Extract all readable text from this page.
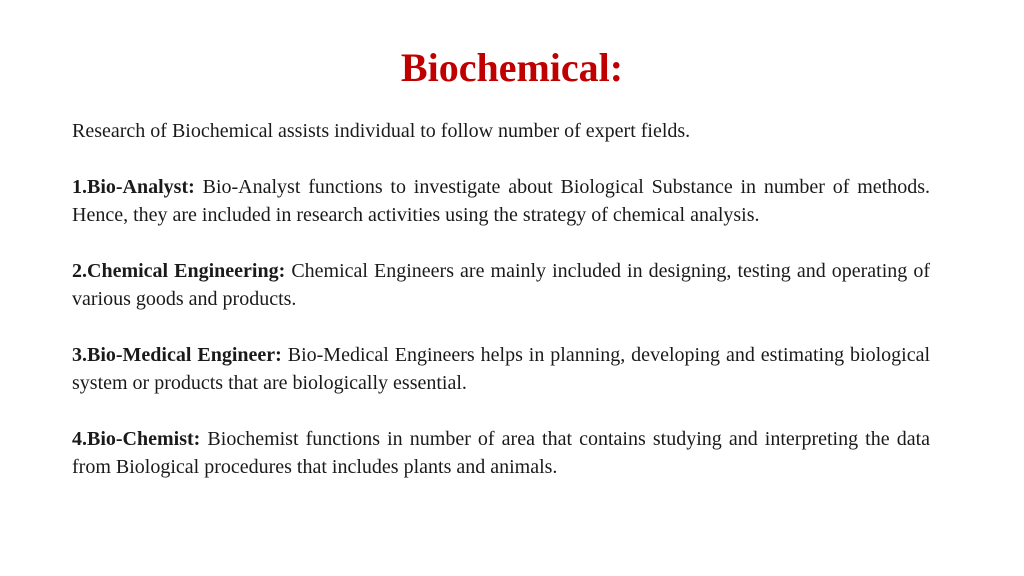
Biochemical:

Research of Biochemical assists individual to follow number of expert fields.

1.Bio-Analyst: Bio-Analyst functions to investigate about Biological Substance in number of methods. Hence, they are included in research activities using the strategy of chemical analysis.

2.Chemical Engineering: Chemical Engineers are mainly included in designing, testing and operating of various goods and products.

3.Bio-Medical Engineer: Bio-Medical Engineers helps in planning, developing and estimating biological system or products that are biologically essential.

4.Bio-Chemist: Biochemist functions in number of area that contains studying and interpreting the data from Biological procedures that includes plants and animals.
